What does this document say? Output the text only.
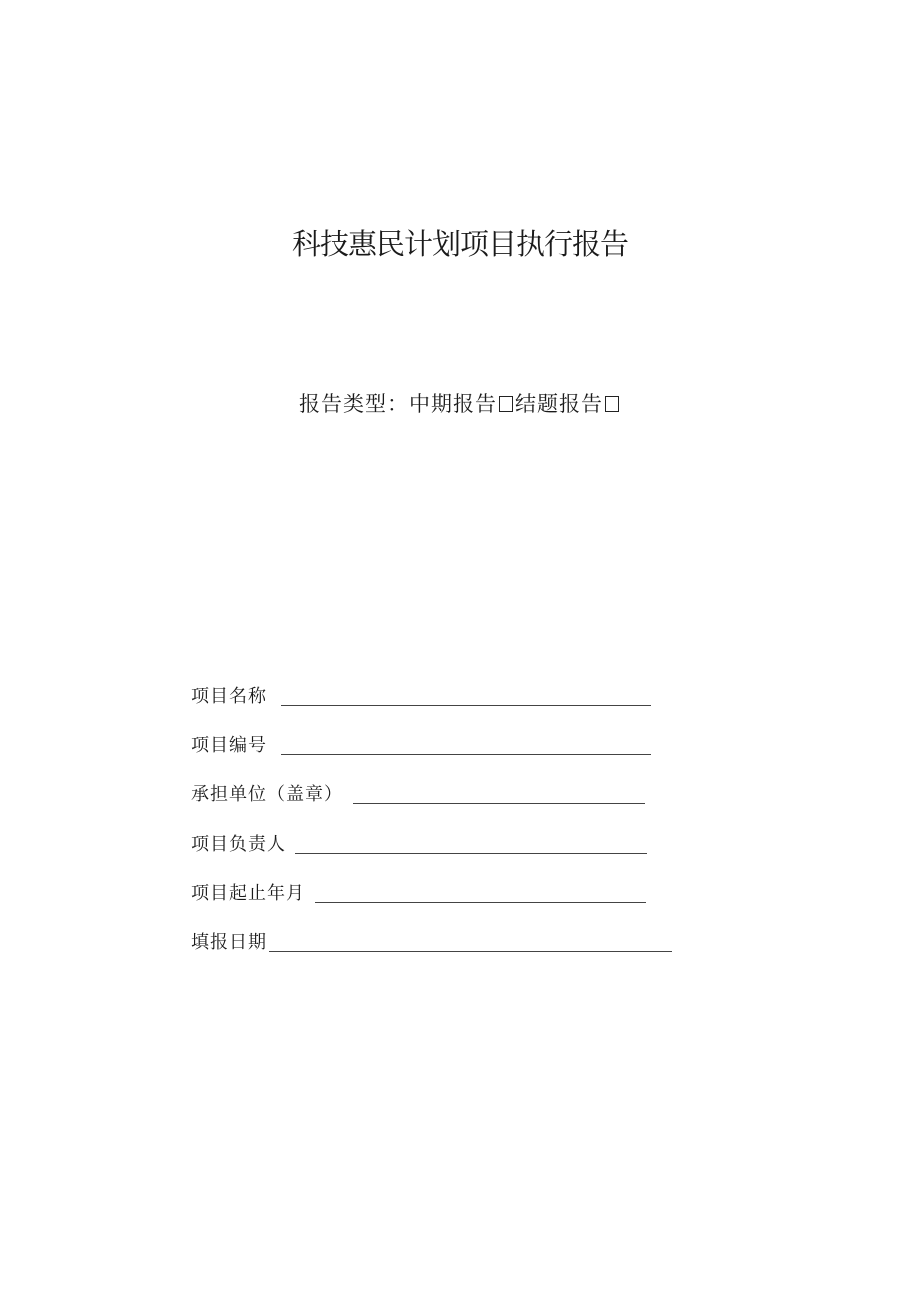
科技惠民计划项目执行报告
报告类型：中期报告 结题报告
项目名称
项目编号
承担单位（盖章）
项目负责人
项目起止年月
填报日期
